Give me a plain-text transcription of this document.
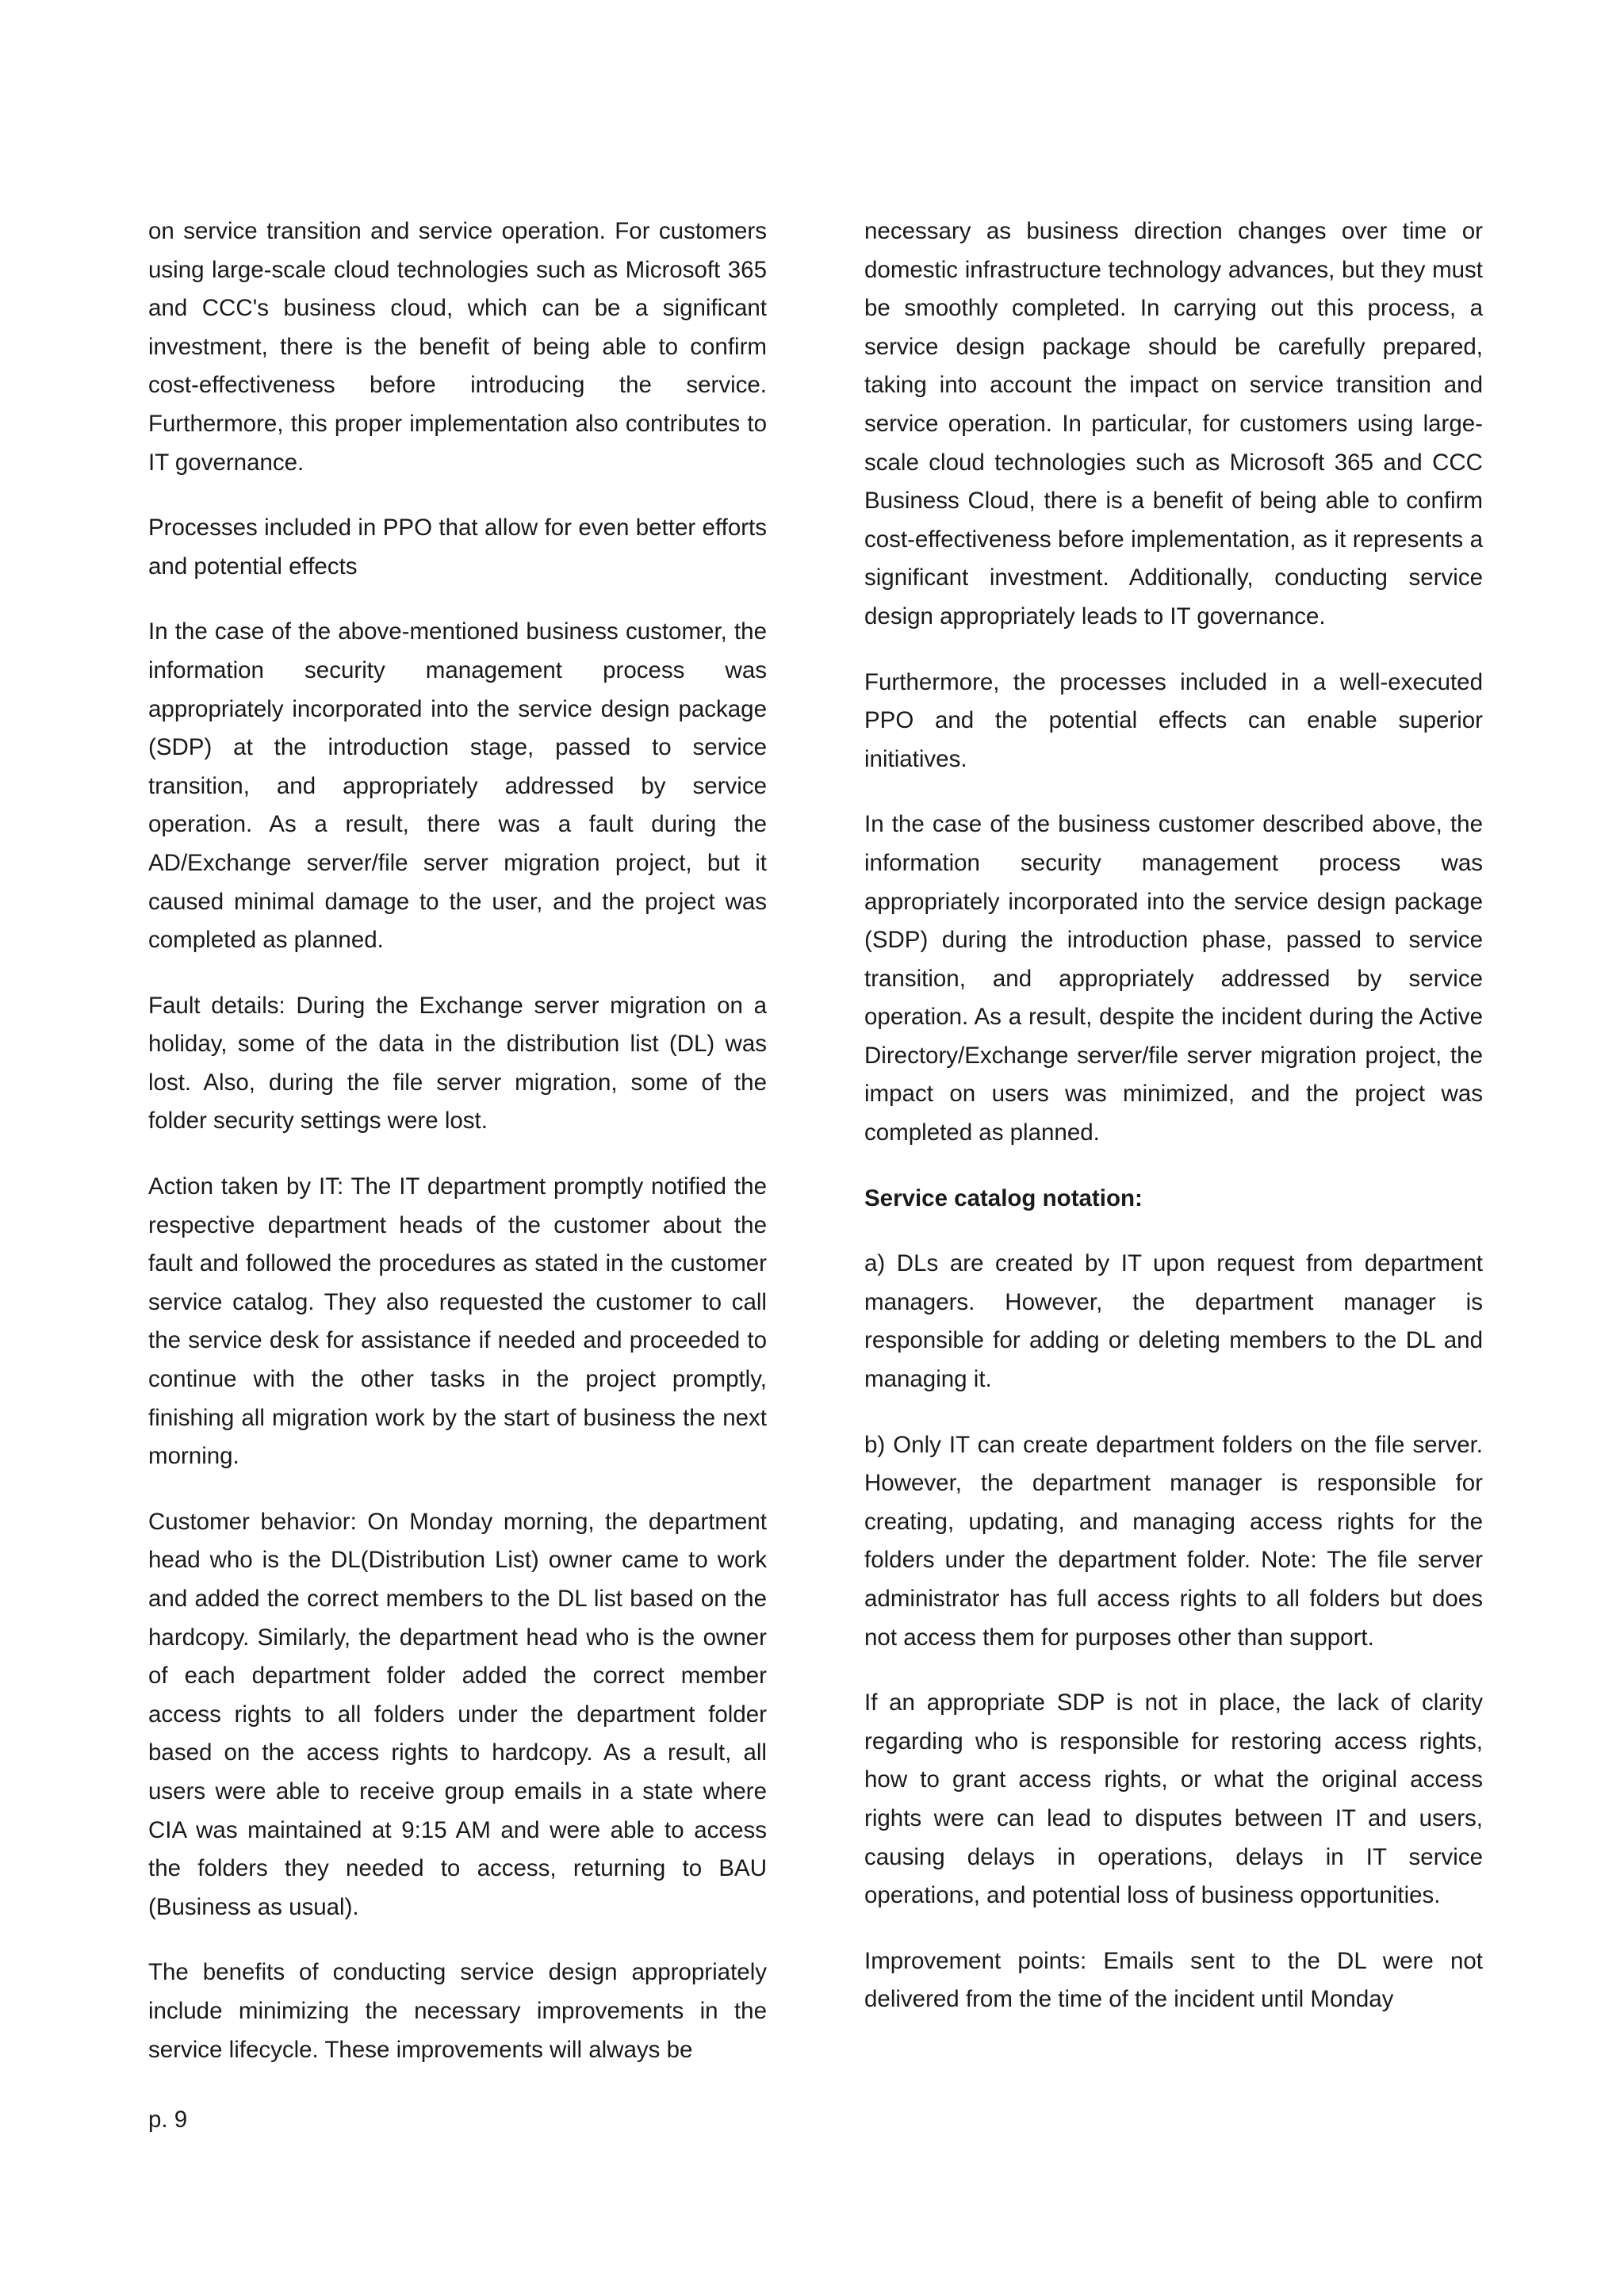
on service transition and service operation. For customers using large-scale cloud technologies such as Microsoft 365 and CCC's business cloud, which can be a significant investment, there is the benefit of being able to confirm cost-effectiveness before introducing the service. Furthermore, this proper implementation also contributes to IT governance.

Processes included in PPO that allow for even better efforts and potential effects

In the case of the above-mentioned business customer, the information security management process was appropriately incorporated into the service design package (SDP) at the introduction stage, passed to service transition, and appropriately addressed by service operation. As a result, there was a fault during the AD/Exchange server/file server migration project, but it caused minimal damage to the user, and the project was completed as planned.

Fault details: During the Exchange server migration on a holiday, some of the data in the distribution list (DL) was lost. Also, during the file server migration, some of the folder security settings were lost.

Action taken by IT: The IT department promptly notified the respective department heads of the customer about the fault and followed the procedures as stated in the customer service catalog. They also requested the customer to call the service desk for assistance if needed and proceeded to continue with the other tasks in the project promptly, finishing all migration work by the start of business the next morning.

Customer behavior: On Monday morning, the department head who is the DL(Distribution List) owner came to work and added the correct members to the DL list based on the hardcopy. Similarly, the department head who is the owner of each department folder added the correct member access rights to all folders under the department folder based on the access rights to hardcopy. As a result, all users were able to receive group emails in a state where CIA was maintained at 9:15 AM and were able to access the folders they needed to access, returning to BAU (Business as usual).

The benefits of conducting service design appropriately include minimizing the necessary improvements in the service lifecycle. These improvements will always be

necessary as business direction changes over time or domestic infrastructure technology advances, but they must be smoothly completed. In carrying out this process, a service design package should be carefully prepared, taking into account the impact on service transition and service operation. In particular, for customers using large-scale cloud technologies such as Microsoft 365 and CCC Business Cloud, there is a benefit of being able to confirm cost-effectiveness before implementation, as it represents a significant investment. Additionally, conducting service design appropriately leads to IT governance.

Furthermore, the processes included in a well-executed PPO and the potential effects can enable superior initiatives.

In the case of the business customer described above, the information security management process was appropriately incorporated into the service design package (SDP) during the introduction phase, passed to service transition, and appropriately addressed by service operation. As a result, despite the incident during the Active Directory/Exchange server/file server migration project, the impact on users was minimized, and the project was completed as planned.

Service catalog notation:

a) DLs are created by IT upon request from department managers. However, the department manager is responsible for adding or deleting members to the DL and managing it.

b) Only IT can create department folders on the file server. However, the department manager is responsible for creating, updating, and managing access rights for the folders under the department folder. Note: The file server administrator has full access rights to all folders but does not access them for purposes other than support.

If an appropriate SDP is not in place, the lack of clarity regarding who is responsible for restoring access rights, how to grant access rights, or what the original access rights were can lead to disputes between IT and users, causing delays in operations, delays in IT service operations, and potential loss of business opportunities.

Improvement points: Emails sent to the DL were not delivered from the time of the incident until Monday

p. 9
